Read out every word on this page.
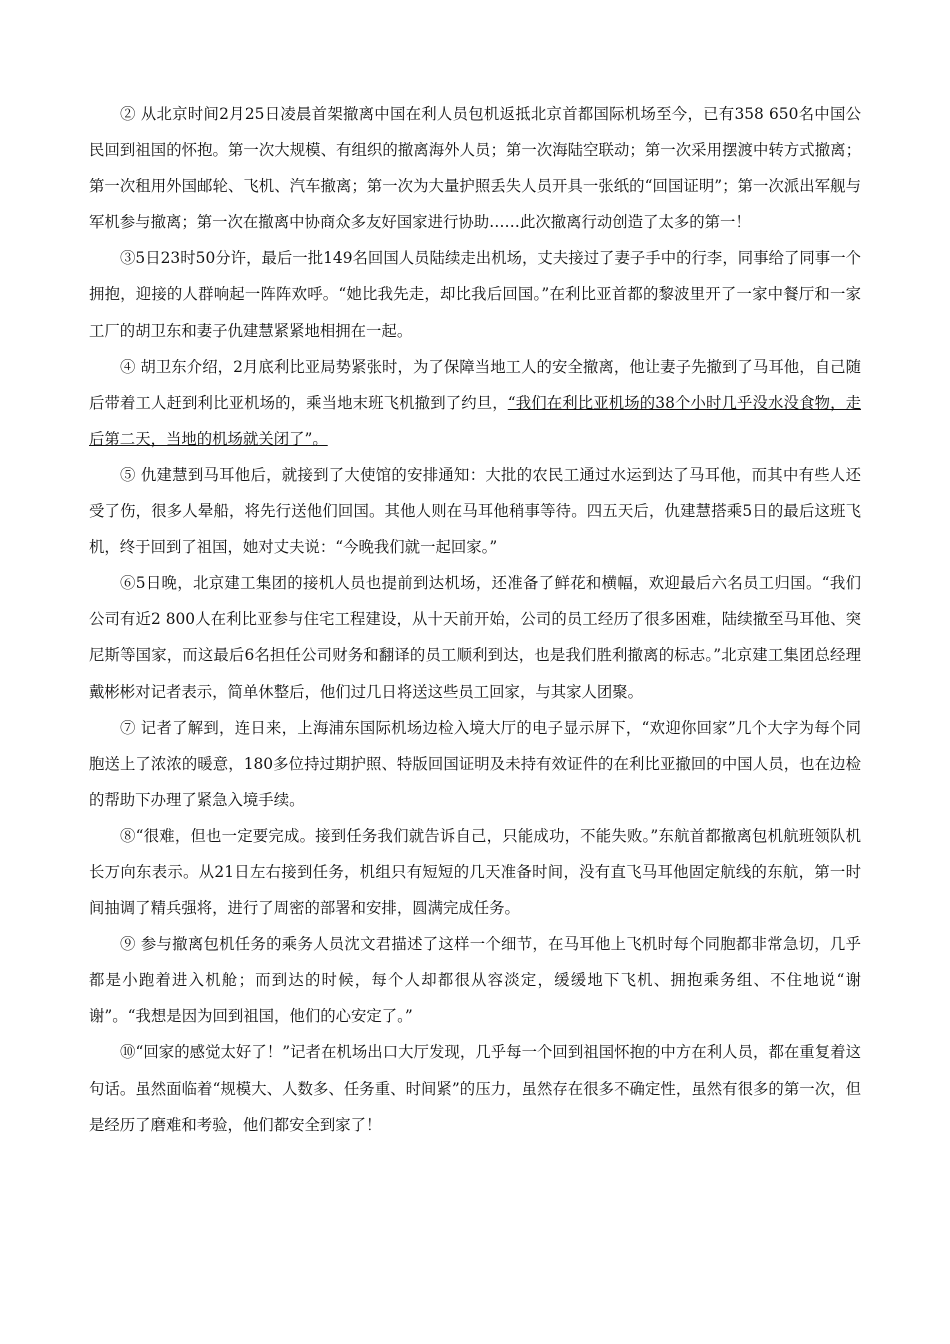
② 从北京时间2月25日凌晨首架撤离中国在利人员包机返抵北京首都国际机场至今，已有358 650名中国公民回到祖国的怀抱。第一次大规模、有组织的撤离海外人员；第一次海陆空联动；第一次采用摆渡中转方式撤离；第一次租用外国邮轮、飞机、汽车撤离；第一次为大量护照丢失人员开具一张纸的“回国证明”；第一次派出军舰与军机参与撤离；第一次在撤离中协商众多友好国家进行协助……此次撤离行动创造了太多的第一！

③5日23时50分许，最后一批149名回国人员陆续走出机场，丈夫接过了妻子手中的行李，同事给了同事一个拥抱，迎接的人群响起一阵阵欢呼。“她比我先走，却比我后回国。”在利比亚首都的黎波里开了一家中餐厅和一家工厂的胡卫东和妻子仇建慧紧紧地相拥在一起。

④ 胡卫东介绍，2月底利比亚局势紧张时，为了保障当地工人的安全撤离，他让妻子先撤到了马耳他，自己随后带着工人赶到利比亚机场的，乘当地末班飞机撤到了约旦，“我们在利比亚机场的38个小时几乎没水没食物，走后第二天，当地的机场就关闭了”。

⑤ 仇建慧到马耳他后，就接到了大使馆的安排通知：大批的农民工通过水运到达了马耳他，而其中有些人还受了伤，很多人晕船，将先行送他们回国。其他人则在马耳他稍事等待。四五天后，仇建慧搭乘5日的最后这班飞机，终于回到了祖国，她对丈夫说：“今晚我们就一起回家。”

⑥5日晚，北京建工集团的接机人员也提前到达机场，还准备了鲜花和横幅，欢迎最后六名员工归国。“我们公司有近2 800人在利比亚参与住宅工程建设，从十天前开始，公司的员工经历了很多困难，陆续撤至马耳他、突尼斯等国家，而这最后6名担任公司财务和翻译的员工顺利到达，也是我们胜利撤离的标志。”北京建工集团总经理戴彬彬对记者表示，简单休整后，他们过几日将送这些员工回家，与其家人团聚。

⑦ 记者了解到，连日来，上海浦东国际机场边检入境大厅的电子显示屏下，“欢迎你回家”几个大字为每个同胞送上了浓浓的暖意，180多位持过期护照、特版回国证明及未持有效证件的在利比亚撤回的中国人员，也在边检的帮助下办理了紧急入境手续。

⑧“很难，但也一定要完成。接到任务我们就告诉自己，只能成功，不能失败。”东航首都撤离包机航班领队机长万向东表示。从21日左右接到任务，机组只有短短的几天准备时间，没有直飞马耳他固定航线的东航，第一时间抽调了精兵强将，进行了周密的部署和安排，圆满完成任务。

⑨ 参与撤离包机任务的乘务人员沈文君描述了这样一个细节，在马耳他上飞机时每个同胞都非常急切，几乎都是小跑着进入机舱；而到达的时候，每个人却都很从容淡定，缓缓地下飞机、拥抱乘务组、不住地说“谢谢”。“我想是因为回到祖国，他们的心安定了。”

⑩“回家的感觉太好了！”记者在机场出口大厅发现，几乎每一个回到祖国怀抱的中方在利人员，都在重复着这句话。虽然面临着“规模大、人数多、任务重、时间紧”的压力，虽然存在很多不确定性，虽然有很多的第一次，但是经历了磨难和考验，他们都安全到家了！
